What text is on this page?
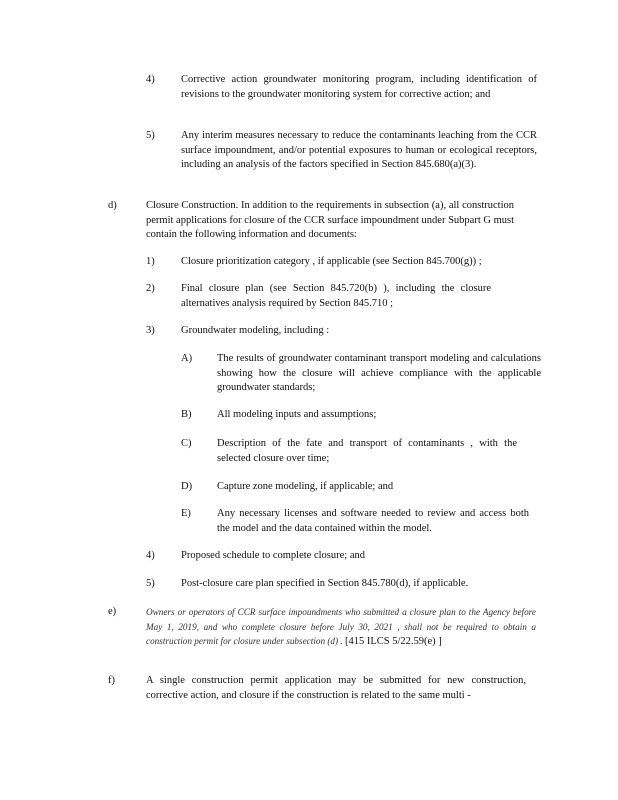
4)	Corrective action groundwater monitoring program, including identification of revisions to the groundwater monitoring system for corrective action; and
5)	Any interim measures necessary to reduce the contaminants leaching from the CCR surface impoundment, and/or potential exposures to human or ecological receptors, including an analysis of the factors specified in Section 845.680(a)(3).
d)	Closure Construction. In addition to the requirements in subsection (a), all construction permit applications for closure of the CCR surface impoundment under Subpart G must contain the following information and documents:
1)	Closure prioritization category , if applicable (see Section 845.700(g)) ;
2)	Final closure plan (see Section 845.720(b) ), including the closure alternatives analysis required by Section 845.710 ;
3)	Groundwater modeling, including :
A) The results of groundwater contaminant transport modeling and calculations showing how the closure will achieve compliance with the applicable groundwater standards;
B) All modeling inputs and assumptions;
C) Description of the fate and transport of contaminants , with the selected closure over time;
D) Capture zone modeling, if applicable; and
E) Any necessary licenses and software needed to review and access both the model and the data contained within the model.
4)	Proposed schedule to complete closure; and
5)	Post-closure care plan specified in Section 845.780(d), if applicable.
e)	Owners or operators of CCR surface impoundments who submitted a closure plan to the Agency before May 1, 2019, and who complete closure before July 30, 2021 , shall not be required to obtain a construction permit for closure under subsection (d) . [415 ILCS 5/22.59(e) ]
f)	A single construction permit application may be submitted for new construction, corrective action, and closure if the construction is related to the same multi -
